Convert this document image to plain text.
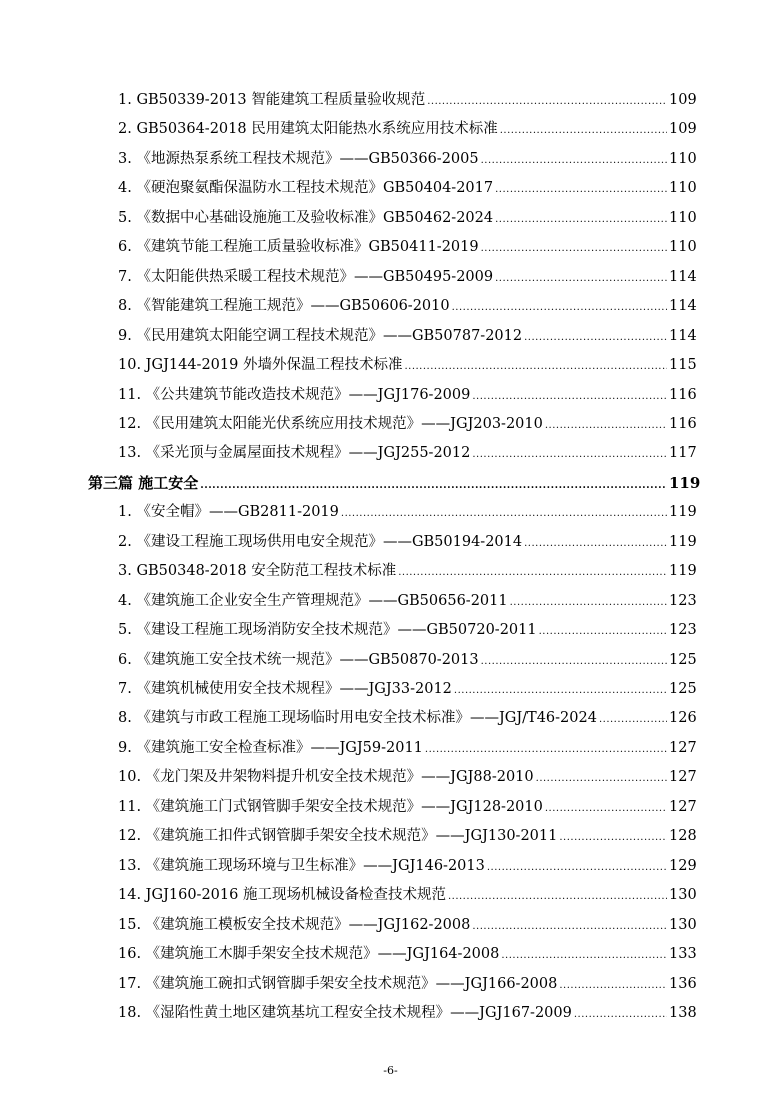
1. GB50339-2013 智能建筑工程质量验收规范 .....	109
2. GB50364-2018 民用建筑太阳能热水系统应用技术标准 .....	109
3. 《地源热泵系统工程技术规范》——GB50366-2005 .....	110
4. 《硬泡聚氨酯保温防水工程技术规范》GB50404-2017 .....	110
5. 《数据中心基础设施施工及验收标准》GB50462-2024 .....	110
6. 《建筑节能工程施工质量验收标准》GB50411-2019 .....	110
7. 《太阳能供热采暖工程技术规范》——GB50495-2009 .....	114
8. 《智能建筑工程施工规范》——GB50606-2010 .....	114
9. 《民用建筑太阳能空调工程技术规范》——GB50787-2012 .....	114
10. JGJ144-2019 外墙外保温工程技术标准 .....	115
11. 《公共建筑节能改造技术规范》——JGJ176-2009 .....	116
12. 《民用建筑太阳能光伏系统应用技术规范》——JGJ203-2010 .....	116
13. 《采光顶与金属屋面技术规程》——JGJ255-2012 .....	117
第三篇 施工安全 .....	119
1. 《安全帽》——GB2811-2019 .....	119
2. 《建设工程施工现场供用电安全规范》——GB50194-2014 .....	119
3. GB50348-2018 安全防范工程技术标准 .....	119
4. 《建筑施工企业安全生产管理规范》——GB50656-2011 .....	123
5. 《建设工程施工现场消防安全技术规范》——GB50720-2011 .....	123
6. 《建筑施工安全技术统一规范》——GB50870-2013 .....	125
7. 《建筑机械使用安全技术规程》——JGJ33-2012 .....	125
8. 《建筑与市政工程施工现场临时用电安全技术标准》——JGJ/T46-2024 .....	126
9. 《建筑施工安全检查标准》——JGJ59-2011 .....	127
10. 《龙门架及井架物料提升机安全技术规范》——JGJ88-2010 .....	127
11. 《建筑施工门式钢管脚手架安全技术规范》——JGJ128-2010 .....	127
12. 《建筑施工扣件式钢管脚手架安全技术规范》——JGJ130-2011 .....	128
13. 《建筑施工现场环境与卫生标准》——JGJ146-2013 .....	129
14. JGJ160-2016 施工现场机械设备检查技术规范 .....	130
15. 《建筑施工模板安全技术规范》——JGJ162-2008 .....	130
16. 《建筑施工木脚手架安全技术规范》——JGJ164-2008 .....	133
17. 《建筑施工碗扣式钢管脚手架安全技术规范》——JGJ166-2008 .....	136
18. 《湿陷性黄土地区建筑基坑工程安全技术规程》——JGJ167-2009 .....	138
-6-
